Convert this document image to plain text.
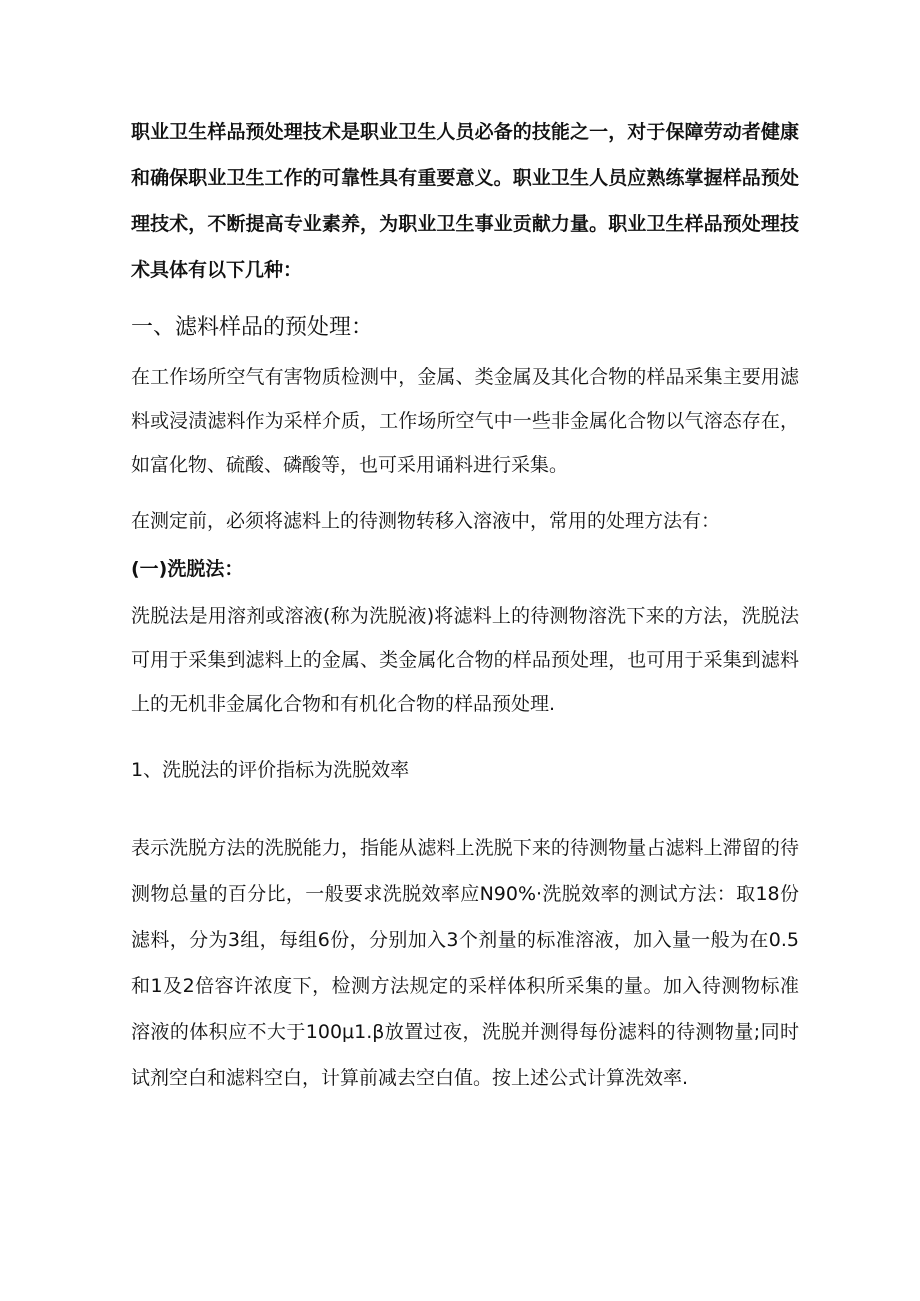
职业卫生样品预处理技术是职业卫生人员必备的技能之一，对于保障劳动者健康和确保职业卫生工作的可靠性具有重要意义。职业卫生人员应熟练掌握样品预处理技术，不断提高专业素养，为职业卫生事业贡献力量。职业卫生样品预处理技术具体有以下几种：

一、滤料样品的预处理：

在工作场所空气有害物质检测中，金属、类金属及其化合物的样品采集主要用滤料或浸渍滤料作为采样介质，工作场所空气中一些非金属化合物以气溶态存在，如富化物、硫酸、磷酸等，也可采用诵料进行采集。

在测定前，必须将滤料上的待测物转移入溶液中，常用的处理方法有：

(一)洗脱法：

洗脱法是用溶剂或溶液(称为洗脱液)将滤料上的待测物溶洗下来的方法，洗脱法可用于采集到滤料上的金属、类金属化合物的样品预处理，也可用于采集到滤料上的无机非金属化合物和有机化合物的样品预处理.

1、洗脱法的评价指标为洗脱效率

表示洗脱方法的洗脱能力，指能从滤料上洗脱下来的待测物量占滤料上滞留的待测物总量的百分比，一般要求洗脱效率应N90%·洗脱效率的测试方法：取18份滤料，分为3组，每组6份，分别加入3个剂量的标准溶液，加入量一般为在0.5和1及2倍容许浓度下，检测方法规定的采样体积所采集的量。加入待测物标准溶液的体积应不大于100μ1.β放置过夜，洗脱并测得每份滤料的待测物量;同时试剂空白和滤料空白，计算前减去空白值。按上述公式计算洗效率.
